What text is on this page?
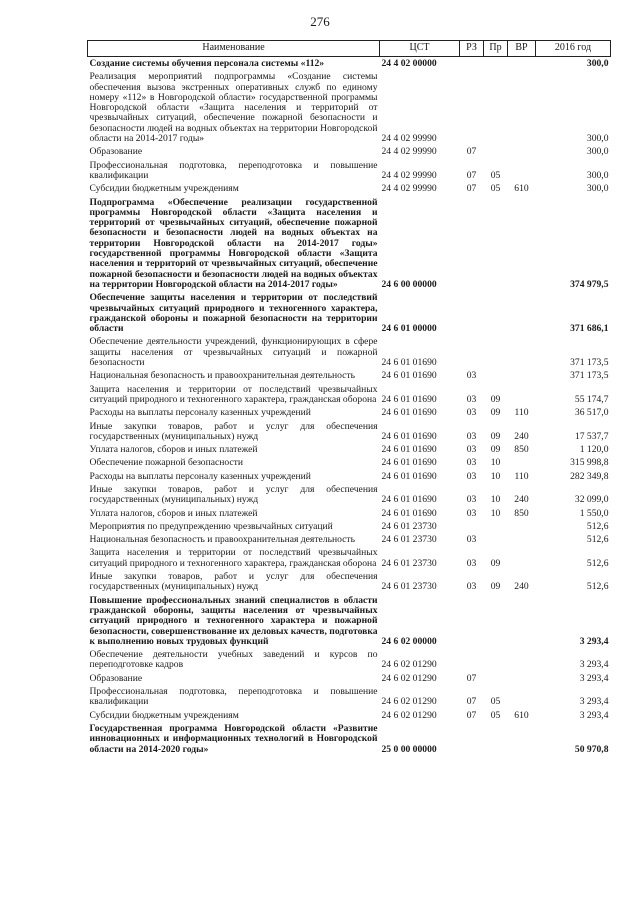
276
Наименование	ЦСТ	РЗ	Пр	ВР	2016 год
Создание системы обучения персонала системы «112»	24 4 02 00000				300,0
Реализация мероприятий подпрограммы «Создание системы обеспечения вызова экстренных оперативных служб по единому номеру «112» в Новгородской области» государственной программы Новгородской области «Защита населения и территорий от чрезвычайных ситуаций, обеспечение пожарной безопасности и безопасности людей на водных объектах на территории Новгородской области на 2014-2017 годы»	24 4 02 99990				300,0
Образование	24 4 02 99990	07			300,0
Профессиональная подготовка, переподготовка и повышение квалификации	24 4 02 99990	07	05		300,0
Субсидии бюджетным учреждениям	24 4 02 99990	07	05	610	300,0
Подпрограмма «Обеспечение реализации государственной программы Новгородской области «Защита населения и территорий от чрезвычайных ситуаций, обеспечение пожарной безопасности и безопасности людей на водных объектах на территории Новгородской области на 2014-2017 годы» государственной программы Новгородской области «Защита населения и территорий от чрезвычайных ситуаций, обеспечение пожарной безопасности и безопасности людей на водных объектах на территории Новгородской области на 2014-2017 годы»	24 6 00 00000				374 979,5
Обеспечение защиты населения и территории от последствий чрезвычайных ситуаций природного и техногенного характера, гражданской обороны и пожарной безопасности на территории области	24 6 01 00000				371 686,1
Обеспечение деятельности учреждений, функционирующих в сфере защиты населения от чрезвычайных ситуаций и пожарной безопасности	24 6 01 01690				371 173,5
Национальная безопасность и правоохранительная деятельность	24 6 01 01690	03			371 173,5
Защита населения и территории от последствий чрезвычайных ситуаций природного и техногенного характера, гражданская оборона	24 6 01 01690	03	09		55 174,7
Расходы на выплаты персоналу казенных учреждений	24 6 01 01690	03	09	110	36 517,0
Иные закупки товаров, работ и услуг для обеспечения государственных (муниципальных) нужд	24 6 01 01690	03	09	240	17 537,7
Уплата налогов, сборов и иных платежей	24 6 01 01690	03	09	850	1 120,0
Обеспечение пожарной безопасности	24 6 01 01690	03	10		315 998,8
Расходы на выплаты персоналу казенных учреждений	24 6 01 01690	03	10	110	282 349,8
Иные закупки товаров, работ и услуг для обеспечения государственных (муниципальных) нужд	24 6 01 01690	03	10	240	32 099,0
Уплата налогов, сборов и иных платежей	24 6 01 01690	03	10	850	1 550,0
Мероприятия по предупреждению чрезвычайных ситуаций	24 6 01 23730				512,6
Национальная безопасность и правоохранительная деятельность	24 6 01 23730	03			512,6
Защита населения и территории от последствий чрезвычайных ситуаций природного и техногенного характера, гражданская оборона	24 6 01 23730	03	09		512,6
Иные закупки товаров, работ и услуг для обеспечения государственных (муниципальных) нужд	24 6 01 23730	03	09	240	512,6
Повышение профессиональных знаний специалистов в области гражданской обороны, защиты населения от чрезвычайных ситуаций природного и техногенного характера и пожарной безопасности, совершенствование их деловых качеств, подготовка к выполнению новых трудовых функций	24 6 02 00000				3 293,4
Обеспечение деятельности учебных заведений и курсов по переподготовке кадров	24 6 02 01290				3 293,4
Образование	24 6 02 01290	07			3 293,4
Профессиональная подготовка, переподготовка и повышение квалификации	24 6 02 01290	07	05		3 293,4
Субсидии бюджетным учреждениям	24 6 02 01290	07	05	610	3 293,4
Государственная программа Новгородской области «Развитие инновационных и информационных технологий в Новгородской области на 2014-2020 годы»	25 0 00 00000				50 970,8
